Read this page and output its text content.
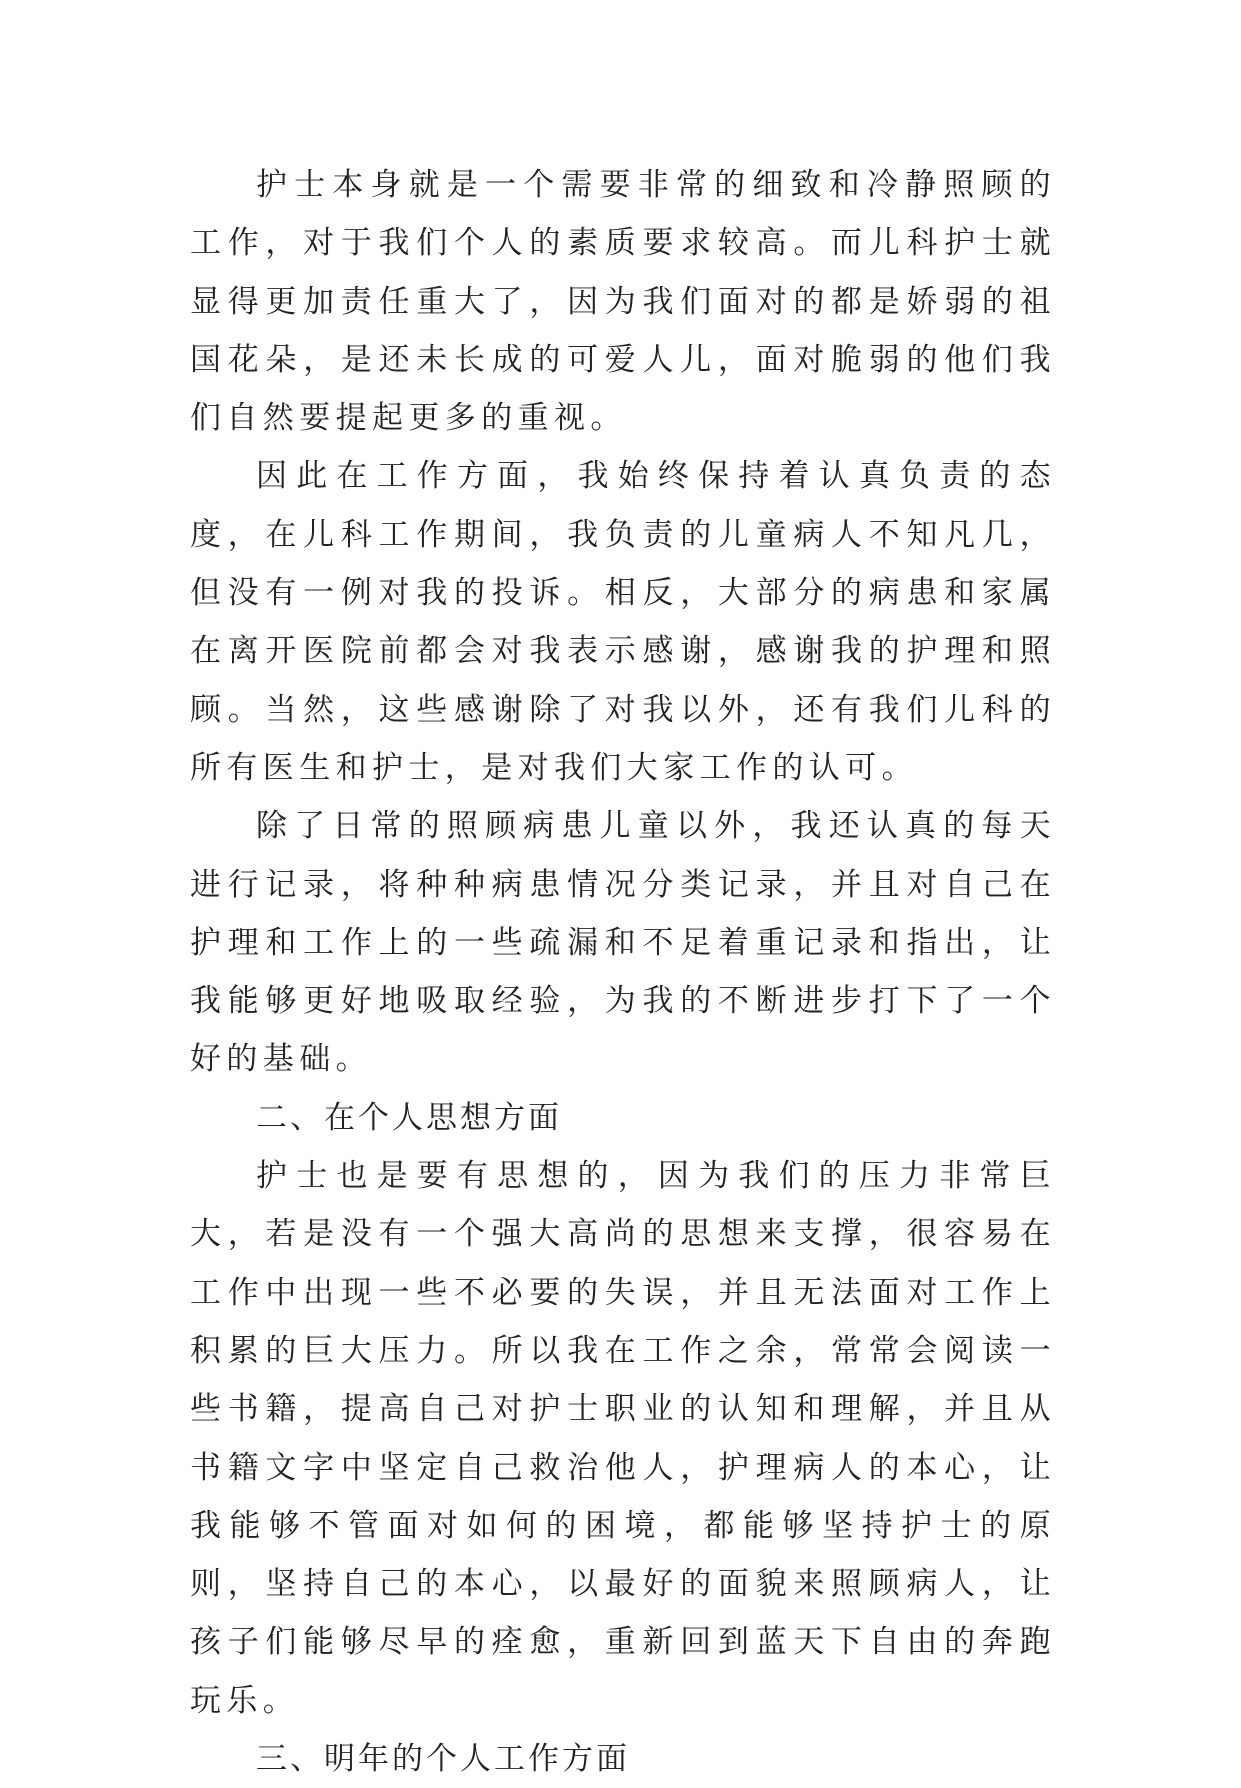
护士本身就是一个需要非常的细致和冷静照顾的工作，对于我们个人的素质要求较高。而儿科护士就显得更加责任重大了，因为我们面对的都是娇弱的祖国花朵，是还未长成的可爱人儿，面对脆弱的他们我们自然要提起更多的重视。

因此在工作方面，我始终保持着认真负责的态度，在儿科工作期间，我负责的儿童病人不知凡几，但没有一例对我的投诉。相反，大部分的病患和家属在离开医院前都会对我表示感谢，感谢我的护理和照顾。当然，这些感谢除了对我以外，还有我们儿科的所有医生和护士，是对我们大家工作的认可。

除了日常的照顾病患儿童以外，我还认真的每天进行记录，将种种病患情况分类记录，并且对自己在护理和工作上的一些疏漏和不足着重记录和指出，让我能够更好地吸取经验，为我的不断进步打下了一个好的基础。

二、在个人思想方面

护士也是要有思想的，因为我们的压力非常巨大，若是没有一个强大高尚的思想来支撑，很容易在工作中出现一些不必要的失误，并且无法面对工作上积累的巨大压力。所以我在工作之余，常常会阅读一些书籍，提高自己对护士职业的认知和理解，并且从书籍文字中坚定自己救治他人，护理病人的本心，让我能够不管面对如何的困境，都能够坚持护士的原则，坚持自己的本心，以最好的面貌来照顾病人，让孩子们能够尽早的痊愈，重新回到蓝天下自由的奔跑玩乐。

三、明年的个人工作方面
